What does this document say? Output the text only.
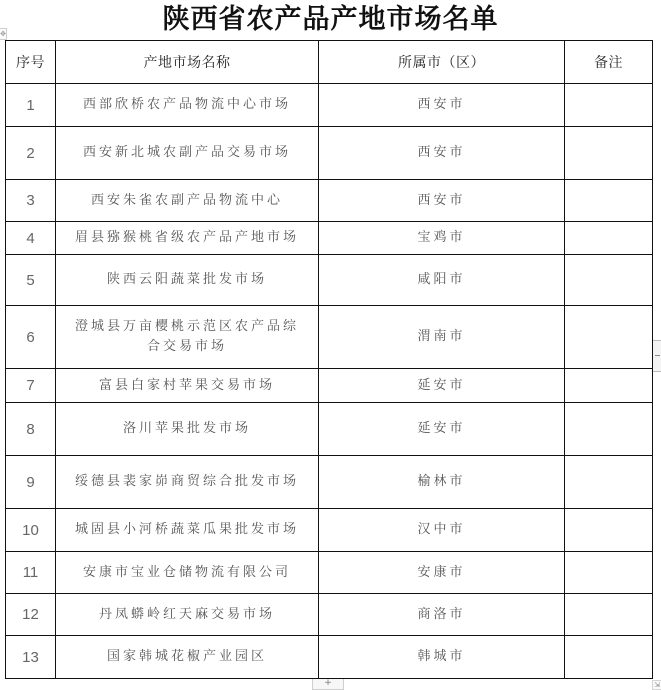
陕西省农产品产地市场名单
✥
序号	产地市场名称	所属市（区）	备注
1	西部欣桥农产品物流中心市场	西安市	
2	西安新北城农副产品交易市场	西安市	
3	西安朱雀农副产品物流中心	西安市	
4	眉县猕猴桃省级农产品产地市场	宝鸡市	
5	陕西云阳蔬菜批发市场	咸阳市	
6	澄城县万亩樱桃示范区农产品综合交易市场	渭南市	
7	富县白家村苹果交易市场	延安市	
8	洛川苹果批发市场	延安市	
9	绥德县裴家峁商贸综合批发市场	榆林市	
10	城固县小河桥蔬菜瓜果批发市场	汉中市	
11	安康市宝业仓储物流有限公司	安康市	
12	丹凤蟒岭红天麻交易市场	商洛市	
13	国家韩城花椒产业园区	韩城市	
+	⇲
